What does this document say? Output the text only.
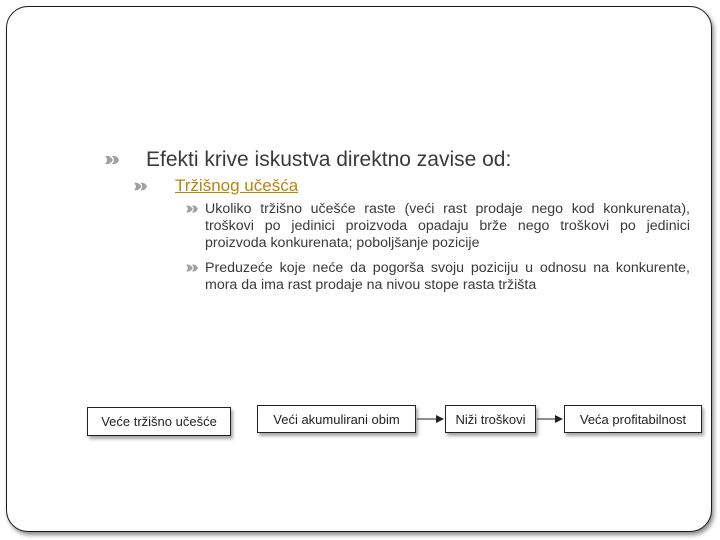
Efekti krive iskustva direktno zavise od:
Tržišnog učešća
Ukoliko tržišno učešće raste (veći rast prodaje nego kod konkurenata), troškovi po jedinici proizvoda opadaju brže nego troškovi po jedinici proizvoda konkurenata; poboljšanje pozicije
Preduzeće koje neće da pogorša svoju poziciju u odnosu na konkurente, mora da ima rast prodaje na nivou stope rasta tržišta
Veće tržišno učešće	Veći akumulirani obim	Niži troškovi	Veća profitabilnost
